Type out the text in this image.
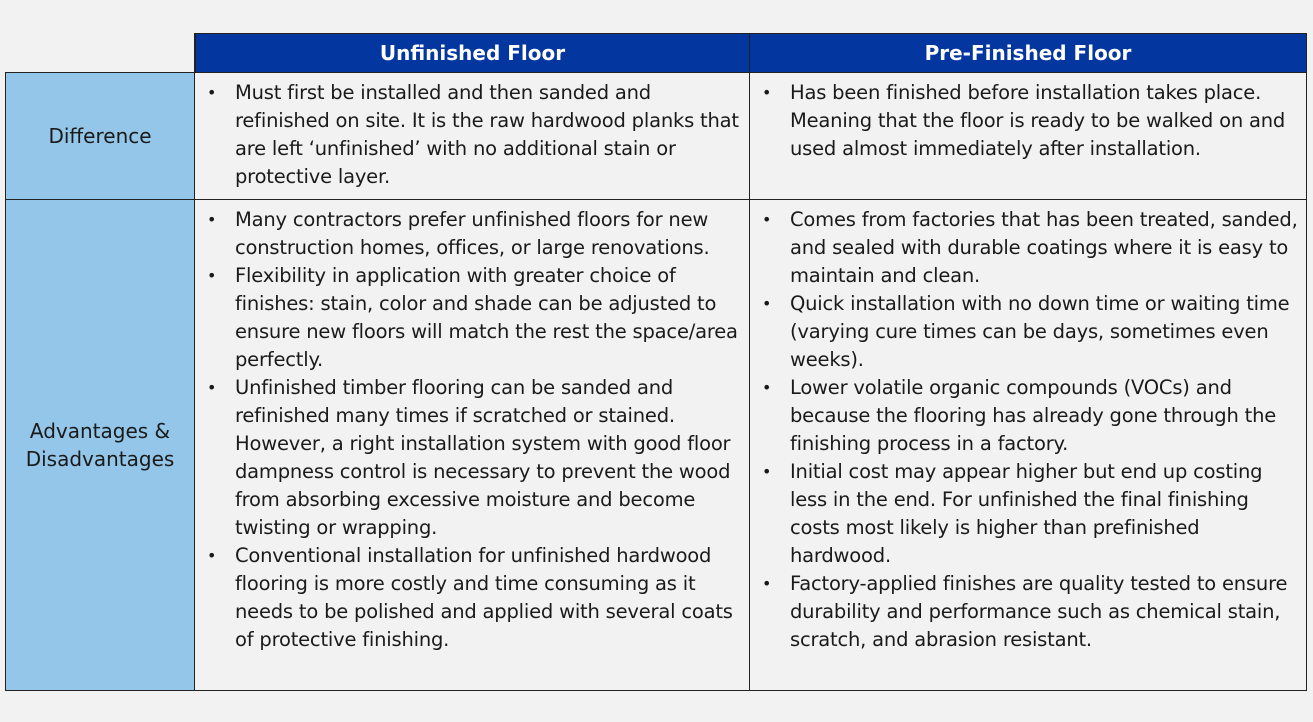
Unfinished Floor	Pre-Finished Floor
Difference
• Must first be installed and then sanded and refinished on site. It is the raw hardwood planks that are left ‘unfinished’ with no additional stain or protective layer.
• Has been finished before installation takes place. Meaning that the floor is ready to be walked on and used almost immediately after installation.
Advantages &
Disadvantages
• Many contractors prefer unfinished floors for new construction homes, offices, or large renovations.
• Flexibility in application with greater choice of finishes: stain, color and shade can be adjusted to ensure new floors will match the rest the space/area perfectly.
• Unfinished timber flooring can be sanded and refinished many times if scratched or stained. However, a right installation system with good floor dampness control is necessary to prevent the wood from absorbing excessive moisture and become twisting or wrapping.
• Conventional installation for unfinished hardwood flooring is more costly and time consuming as it needs to be polished and applied with several coats of protective finishing.
• Comes from factories that has been treated, sanded, and sealed with durable coatings where it is easy to maintain and clean.
• Quick installation with no down time or waiting time (varying cure times can be days, sometimes even weeks).
• Lower volatile organic compounds (VOCs) and because the flooring has already gone through the finishing process in a factory.
• Initial cost may appear higher but end up costing less in the end. For unfinished the final finishing costs most likely is higher than prefinished hardwood.
• Factory-applied finishes are quality tested to ensure durability and performance such as chemical stain, scratch, and abrasion resistant.
